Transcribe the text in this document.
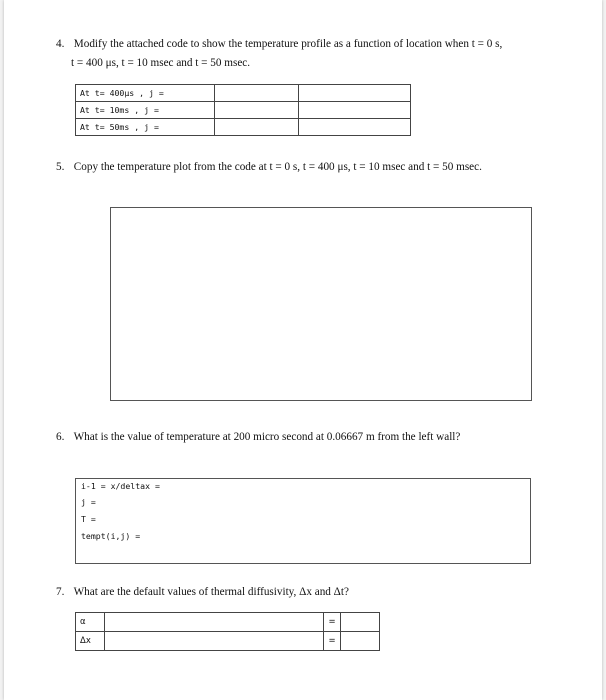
4. Modify the attached code to show the temperature profile as a function of location when t = 0 s,
t = 400 μs, t = 10 msec and t = 50 msec.
At t= 400µs , j =		
At t= 10ms , j =		
At t= 50ms , j =		
5. Copy the temperature plot from the code at t = 0 s, t = 400 μs, t = 10 msec and t = 50 msec.
6. What is the value of temperature at 200 micro second at 0.06667 m from the left wall?
i-1 = x/deltax =
j =
T =
tempt(i,j) =
7. What are the default values of thermal diffusivity, Δx and Δt?
α		=	
Δx		=	
